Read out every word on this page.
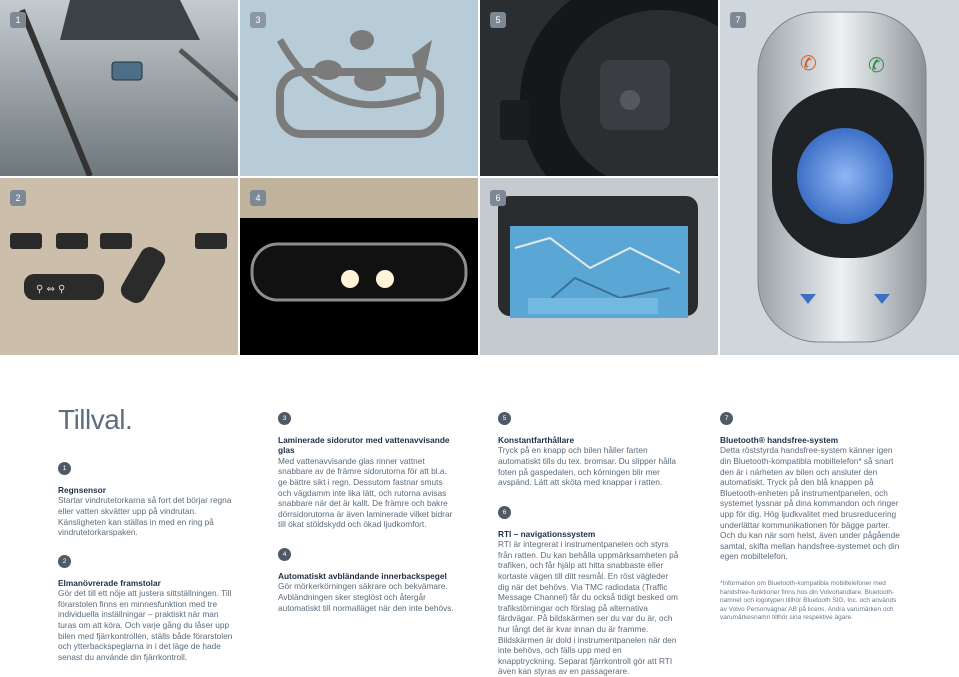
1	3	5
✆	✆
7
⚲ ⇔ ⚲
2	4	6
Tillval.
1
Regnsensor

Startar vindrutetorkarna så fort det börjar regna eller vatten skvätter upp på vindrutan. Känsligheten kan ställas in med en ring på vindrutetorkarspaken.

2
Elmanövrerade framstolar

Gör det till ett nöje att justera sittställningen. Till förarstolen finns en minnesfunktion med tre individuella inställningar – praktiskt när man turas om att köra. Och varje gång du låser upp bilen med fjärrkontrollen, ställs både förarstolen och ytterbackspeglarna in i det läge de hade senast du använde din fjärrkontroll.

3
Laminerade sidorutor med vattenavvisande glas

Med vattenavvisande glas rinner vattnet snabbare av de främre sidorutorna för att bl.a. ge bättre sikt i regn. Dessutom fastnar smuts och vägdamm inte lika lätt, och rutorna avisas snabbare när det är kallt. De främre och bakre dörrsidorutorna är även laminerade vilket bidrar till ökat stöldskydd och ökad ljudkomfort.

4
Automatiskt avbländande innerbackspegel

Gör mörkerkörningen säkrare och bekvämare. Avbländningen sker steglöst och återgår automatiskt till normalläget när den inte behövs.

5
Konstantfarthållare

Tryck på en knapp och bilen håller farten automatiskt tills du tex. bromsar. Du slipper hålla foten på gaspedalen, och körningen blir mer avspänd. Lätt att sköta med knappar i ratten.

6
RTI – navigationssystem

RTI är integrerat i instrumentpanelen och styrs från ratten. Du kan behålla uppmärksamheten på trafiken, och får hjälp att hitta snabbaste eller kortaste vägen till ditt resmål. En röst vägleder dig när det behövs. Via TMC radiodata (Traffic Message Channel) får du också tidigt besked om trafikstörningar och förslag på alternativa färdvägar. På bildskärmen ser du var du är, och hur långt det är kvar innan du är framme. Bildskärmen är dold i instrumentpanelen när den inte behövs, och fälls upp med en knapptryckning. Separat fjärrkontroll gör att RTI även kan styras av en passagerare.

7
Bluetooth® handsfree-system

Detta röststyrda handsfree-system känner igen din Bluetooth-kompatibla mobiltelefon* så snart den är i närheten av bilen och ansluter den automatiskt. Tryck på den blå knappen på Bluetooth-enheten på instrumentpanelen, och systemet lyssnar på dina kommandon och ringer upp för dig. Hög ljudkvalitet med brusreducering underlättar kommunikationen för bägge parter. Och du kan när som helst, även under pågående samtal, skifta mellan handsfree-systemet och din egen mobiltelefon.

*Information om Bluetooth-kompatibla mobiltelefoner med handsfree-funktioner finns hos din Volvohandlare. Bluetooth-namnet och logotypen tillhör Bluetooth SIG, Inc. och används av Volvo Personvagnar AB på licens. Andra varumärken och varumärkesnamn tillhör sina respektive ägare.
